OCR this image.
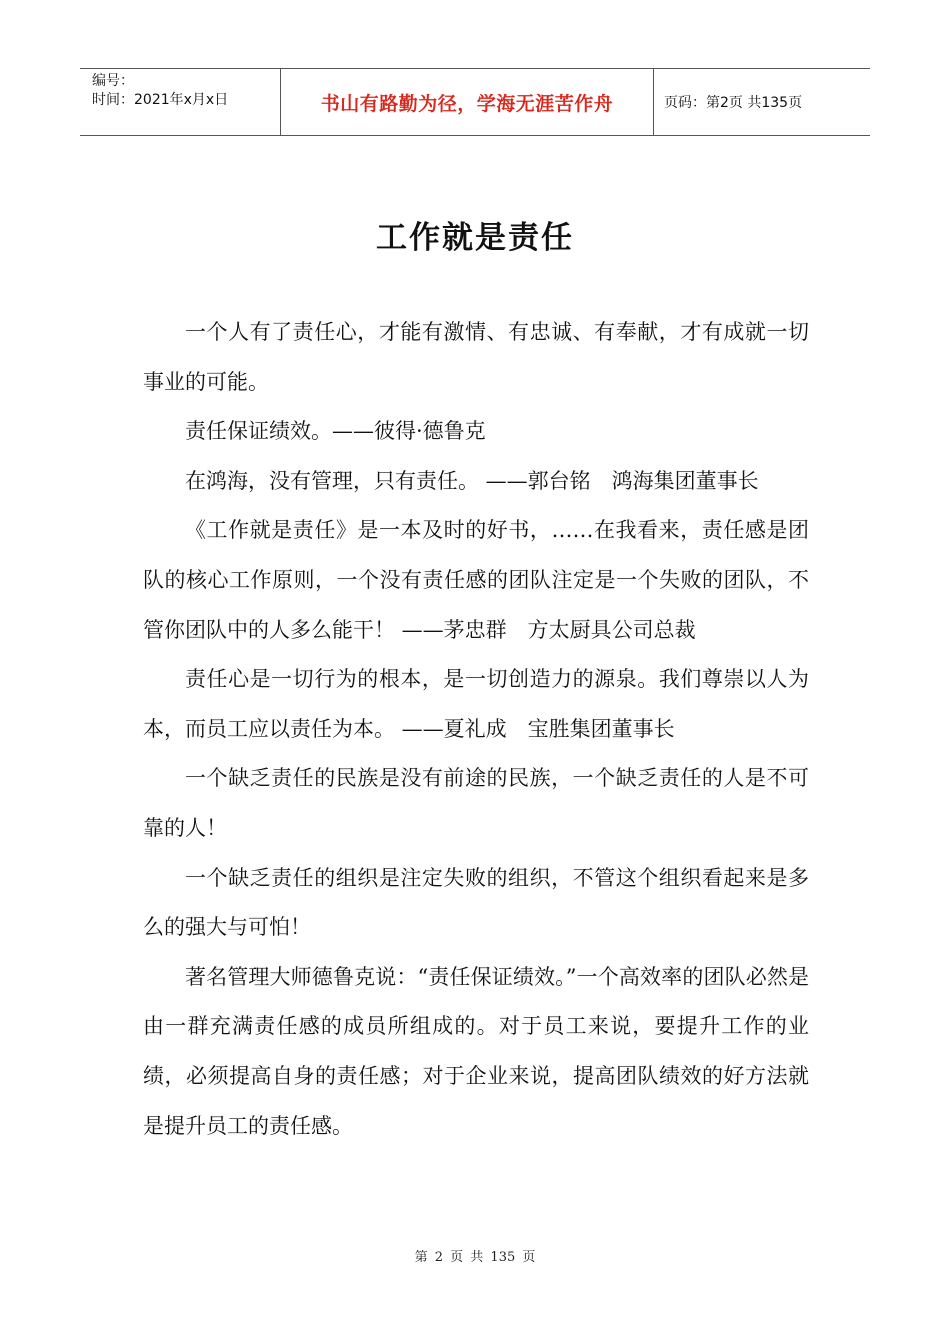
编号：
时间：2021年x月x日	书山有路勤为径，学海无涯苦作舟	页码：第2页 共135页
工作就是责任

一个人有了责任心，才能有激情、有忠诚、有奉献，才有成就一切事业的可能。

责任保证绩效。——彼得·德鲁克

在鸿海，没有管理，只有责任。 ——郭台铭　鸿海集团董事长

《工作就是责任》是一本及时的好书，……在我看来，责任感是团队的核心工作原则，一个没有责任感的团队注定是一个失败的团队，不管你团队中的人多么能干！ ——茅忠群　方太厨具公司总裁

责任心是一切行为的根本，是一切创造力的源泉。我们尊崇以人为本，而员工应以责任为本。 ——夏礼成　宝胜集团董事长

一个缺乏责任的民族是没有前途的民族，一个缺乏责任的人是不可靠的人！

一个缺乏责任的组织是注定失败的组织，不管这个组织看起来是多么的强大与可怕！

著名管理大师德鲁克说：“责任保证绩效。”一个高效率的团队必然是由一群充满责任感的成员所组成的。对于员工来说，要提升工作的业绩，必须提高自身的责任感；对于企业来说，提高团队绩效的好方法就是提升员工的责任感。

第 2 页 共 135 页
